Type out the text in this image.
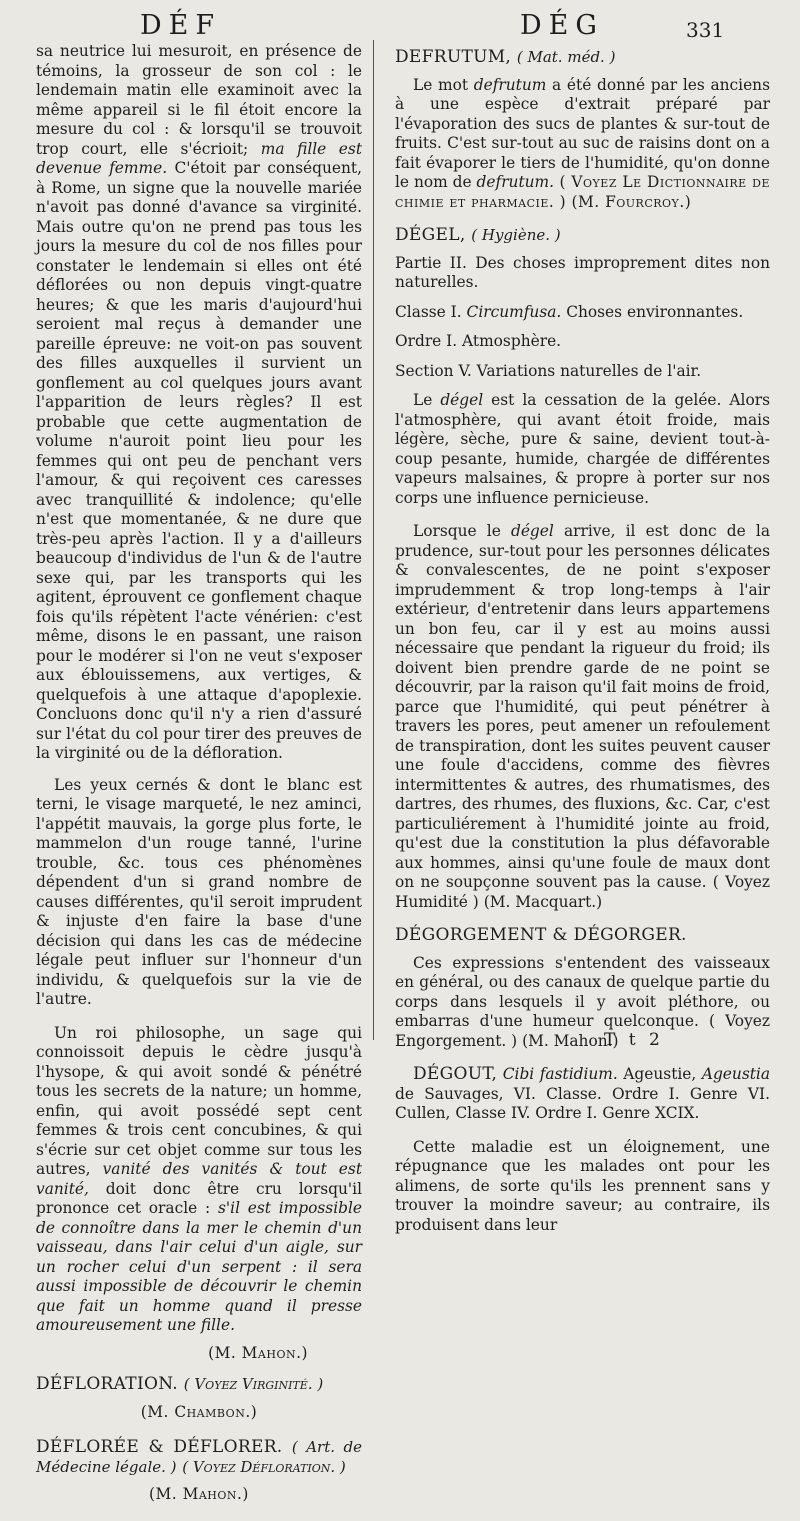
DÉF	DÉG	331

sa neutrice lui mesuroit, en présence de témoins, la grosseur de son col : le lendemain matin elle examinoit avec la même appareil si le fil étoit encore la mesure du col : & lorsqu'il se trouvoit trop court, elle s'écrioit; ma fille est devenue femme. C'étoit par conséquent, à Rome, un signe que la nouvelle mariée n'avoit pas donné d'avance sa virginité. Mais outre qu'on ne prend pas tous les jours la mesure du col de nos filles pour constater le lendemain si elles ont été déflorées ou non depuis vingt-quatre heures; & que les maris d'aujourd'hui seroient mal reçus à demander une pareille épreuve: ne voit-on pas souvent des filles auxquelles il survient un gonflement au col quelques jours avant l'apparition de leurs règles? Il est probable que cette augmentation de volume n'auroit point lieu pour les femmes qui ont peu de penchant vers l'amour, & qui reçoivent ces caresses avec tranquillité & indolence; qu'elle n'est que momentanée, & ne dure que très-peu après l'action. Il y a d'ailleurs beaucoup d'individus de l'un & de l'autre sexe qui, par les transports qui les agitent, éprouvent ce gonflement chaque fois qu'ils répètent l'acte vénérien: c'est même, disons le en passant, une raison pour le modérer si l'on ne veut s'exposer aux éblouissemens, aux vertiges, & quelquefois à une attaque d'apoplexie. Concluons donc qu'il n'y a rien d'assuré sur l'état du col pour tirer des preuves de la virginité ou de la défloration.

Les yeux cernés & dont le blanc est terni, le visage marqueté, le nez aminci, l'appétit mauvais, la gorge plus forte, le mammelon d'un rouge tanné, l'urine trouble, &c. tous ces phénomènes dépendent d'un si grand nombre de causes différentes, qu'il seroit imprudent & injuste d'en faire la base d'une décision qui dans les cas de médecine légale peut influer sur l'honneur d'un individu, & quelquefois sur la vie de l'autre.

Un roi philosophe, un sage qui connoissoit depuis le cèdre jusqu'à l'hysope, & qui avoit sondé & pénétré tous les secrets de la nature; un homme, enfin, qui avoit possédé sept cent femmes & trois cent concubines, & qui s'écrie sur cet objet comme sur tous les autres, vanité des vanités & tout est vanité, doit donc être cru lorsqu'il prononce cet oracle : s'il est impossible de connoître dans la mer le chemin d'un vaisseau, dans l'air celui d'un aigle, sur un rocher celui d'un serpent : il sera aussi impossible de découvrir le chemin que fait un homme quand il presse amoureusement une fille.

(M. Mahon.)

DÉFLORATION. ( Voyez Virginité. )

(M. Chambon.)

DÉFLORÉE & DÉFLORER. ( Art. de Médecine légale. ) ( Voyez Défloration. )

(M. Mahon.)

DEFRUTUM, ( Mat. méd. )

Le mot defrutum a été donné par les anciens à une espèce d'extrait préparé par l'évaporation des sucs de plantes & sur-tout de fruits. C'est sur-tout au suc de raisins dont on a fait évaporer le tiers de l'humidité, qu'on donne le nom de defrutum. ( Voyez Le Dictionnaire de chimie et pharmacie. ) (M. Fourcroy.)

DÉGEL, ( Hygiène. )

Partie II. Des choses improprement dites non naturelles.

Classe I. Circumfusa. Choses environnantes.

Ordre I. Atmosphère.

Section V. Variations naturelles de l'air.

Le dégel est la cessation de la gelée. Alors l'atmosphère, qui avant étoit froide, mais légère, sèche, pure & saine, devient tout-à-coup pesante, humide, chargée de différentes vapeurs malsaines, & propre à porter sur nos corps une influence pernicieuse.

Lorsque le dégel arrive, il est donc de la prudence, sur-tout pour les personnes délicates & convalescentes, de ne point s'exposer imprudemment & trop long-temps à l'air extérieur, d'entretenir dans leurs appartemens un bon feu, car il y est au moins aussi nécessaire que pendant la rigueur du froid; ils doivent bien prendre garde de ne point se découvrir, par la raison qu'il fait moins de froid, parce que l'humidité, qui peut pénétrer à travers les pores, peut amener un refoulement de transpiration, dont les suites peuvent causer une foule d'accidens, comme des fièvres intermittentes & autres, des rhumatismes, des dartres, des rhumes, des fluxions, &c. Car, c'est particuliérement à l'humidité jointe au froid, qu'est due la constitution la plus défavorable aux hommes, ainsi qu'une foule de maux dont on ne soupçonne souvent pas la cause. ( Voyez Humidité ) (M. Macquart.)

DÉGORGEMENT & DÉGORGER.

Ces expressions s'entendent des vaisseaux en général, ou des canaux de quelque partie du corps dans lesquels il y avoit pléthore, ou embarras d'une humeur quelconque. ( Voyez Engorgement. ) (M. Mahon.)

DÉGOUT, Cibi fastidium. Ageustie, Ageustia de Sauvages, VI. Classe. Ordre I. Genre VI. Cullen, Classe IV. Ordre I. Genre XCIX.

Cette maladie est un éloignement, une répugnance que les malades ont pour les alimens, de sorte qu'ils les prennent sans y trouver la moindre saveur; au contraire, ils produisent dans leur

T t 2
